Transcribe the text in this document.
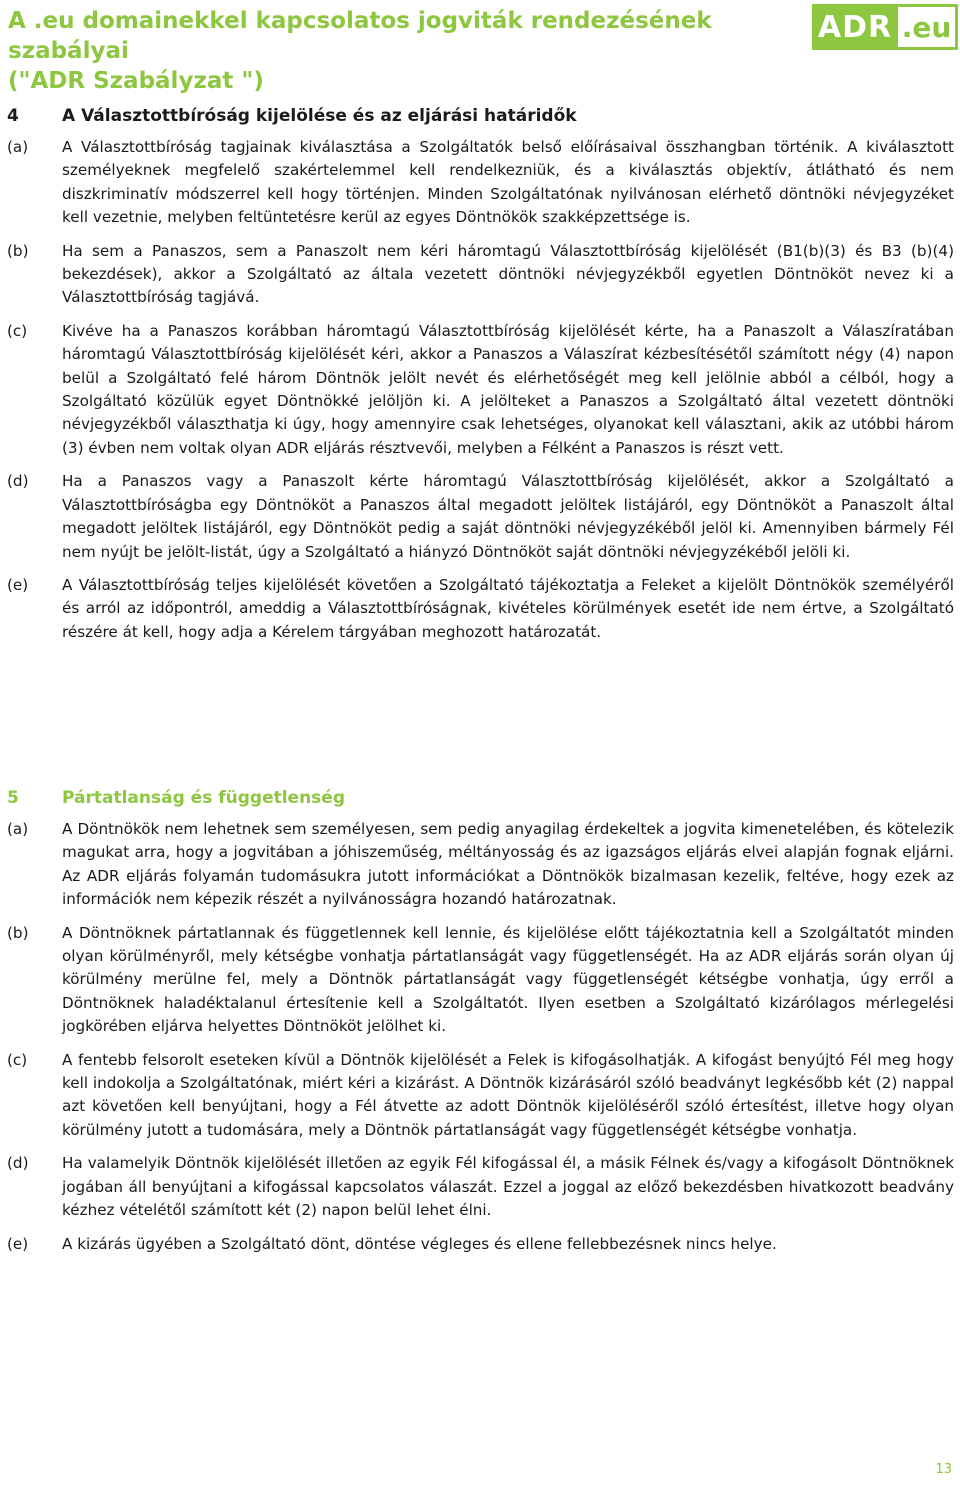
A .eu domainekkel kapcsolatos jogviták rendezésének szabályai
("ADR Szabályzat ")
ADR .eu
4	A Választottbíróság kijelölése és az eljárási határidők
(a)	A Választottbíróság tagjainak kiválasztása a Szolgáltatók belső előírásaival összhangban történik. A kiválasztott személyeknek megfelelő szakértelemmel kell rendelkezniük, és a kiválasztás objektív, átlátható és nem diszkriminatív módszerrel kell hogy történjen. Minden Szolgáltatónak nyilvánosan elérhető döntnöki névjegyzéket kell vezetnie, melyben feltüntetésre kerül az egyes Döntnökök szakképzettsége is.

(b)	Ha sem a Panaszos, sem a Panaszolt nem kéri háromtagú Választottbíróság kijelölését (B1(b)(3) és B3 (b)(4) bekezdések), akkor a Szolgáltató az általa vezetett döntnöki névjegyzékből egyetlen Döntnököt nevez ki a Választottbíróság tagjává.

(c)	Kivéve ha a Panaszos korábban háromtagú Választottbíróság kijelölését kérte, ha a Panaszolt a Válaszíratában háromtagú Választottbíróság kijelölését kéri, akkor a Panaszos a Válaszírat kézbesítésétől számított négy (4) napon belül a Szolgáltató felé három Döntnök jelölt nevét és elérhetőségét meg kell jelölnie abból a célból, hogy a Szolgáltató közülük egyet Döntnökké jelöljön ki. A jelölteket a Panaszos a Szolgáltató által vezetett döntnöki névjegyzékből választhatja ki úgy, hogy amennyire csak lehetséges, olyanokat kell választani, akik az utóbbi három (3) évben nem voltak olyan ADR eljárás résztvevői, melyben a Félként a Panaszos is részt vett.

(d)	Ha a Panaszos vagy a Panaszolt kérte háromtagú Választottbíróság kijelölését, akkor a Szolgáltató a Választottbíróságba egy Döntnököt a Panaszos által megadott jelöltek listájáról, egy Döntnököt a Panaszolt által megadott jelöltek listájáról, egy Döntnököt pedig a saját döntnöki névjegyzékéből jelöl ki. Amennyiben bármely Fél nem nyújt be jelölt-listát, úgy a Szolgáltató a hiányzó Döntnököt saját döntnöki névjegyzékéből jelöli ki.

(e)	A Választottbíróság teljes kijelölését követően a Szolgáltató tájékoztatja a Feleket a kijelölt Döntnökök személyéről és arról az időpontról, ameddig a Választottbíróságnak, kivételes körülmények esetét ide nem értve, a Szolgáltató részére át kell, hogy adja a Kérelem tárgyában meghozott határozatát.

5	Pártatlanság és függetlenség
(a)	A Döntnökök nem lehetnek sem személyesen, sem pedig anyagilag érdekeltek a jogvita kimenetelében, és kötelezik magukat arra, hogy a jogvitában a jóhiszeműség, méltányosság és az igazságos eljárás elvei alapján fognak eljárni. Az ADR eljárás folyamán tudomásukra jutott információkat a Döntnökök bizalmasan kezelik, feltéve, hogy ezek az információk nem képezik részét a nyilvánosságra hozandó határozatnak.

(b)	A Döntnöknek pártatlannak és függetlennek kell lennie, és kijelölése előtt tájékoztatnia kell a Szolgáltatót minden olyan körülményről, mely kétségbe vonhatja pártatlanságát vagy függetlenségét. Ha az ADR eljárás során olyan új körülmény merülne fel, mely a Döntnök pártatlanságát vagy függetlenségét kétségbe vonhatja, úgy erről a Döntnöknek haladéktalanul értesítenie kell a Szolgáltatót. Ilyen esetben a Szolgáltató kizárólagos mérlegelési jogkörében eljárva helyettes Döntnököt jelölhet ki.

(c)	A fentebb felsorolt eseteken kívül a Döntnök kijelölését a Felek is kifogásolhatják. A kifogást benyújtó Fél meg hogy kell indokolja a Szolgáltatónak, miért kéri a kizárást. A Döntnök kizárásáról szóló beadványt legkésőbb két (2) nappal azt követően kell benyújtani, hogy a Fél átvette az adott Döntnök kijelöléséről szóló értesítést, illetve hogy olyan körülmény jutott a tudomására, mely a Döntnök pártatlanságát vagy függetlenségét kétségbe vonhatja.

(d)	Ha valamelyik Döntnök kijelölését illetően az egyik Fél kifogással él, a másik Félnek és/vagy a kifogásolt Döntnöknek jogában áll benyújtani a kifogással kapcsolatos válaszát. Ezzel a joggal az előző bekezdésben hivatkozott beadvány kézhez vételétől számított két (2) napon belül lehet élni.

(e)	A kizárás ügyében a Szolgáltató dönt, döntése végleges és ellene fellebbezésnek nincs helye.

13
